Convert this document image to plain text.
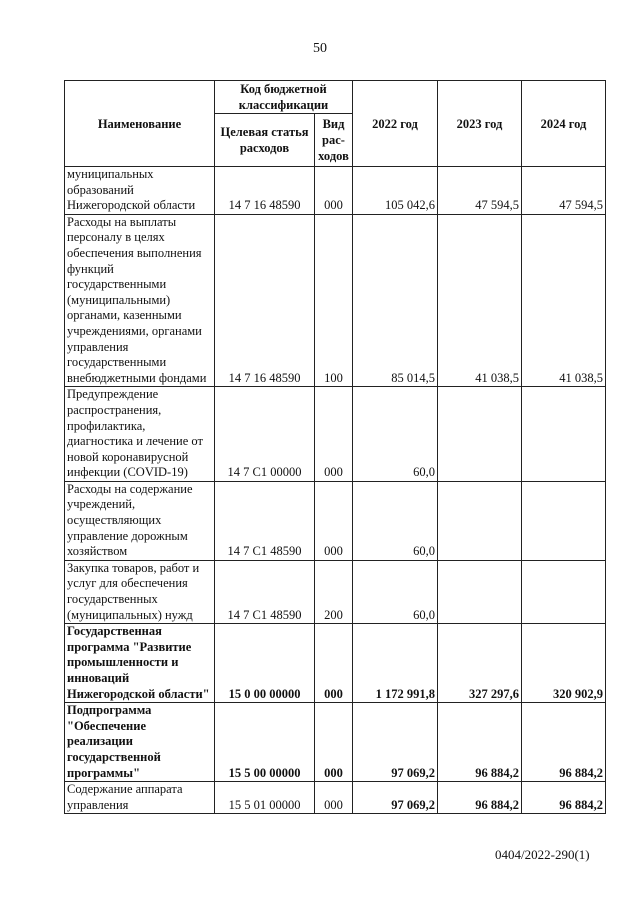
50
Наименование	Код бюджетной классификации		2022 год	2023 год	2024 год
	Целевая статья расходов	Вид рас-ходов			
муниципальных образований Нижегородской области	14 7 16 48590	000	105 042,6	47 594,5	47 594,5
Расходы на выплаты персоналу в целях обеспечения выполнения функций государственными (муниципальными) органами, казенными учреждениями, органами управления государственными внебюджетными фондами	14 7 16 48590	100	85 014,5	41 038,5	41 038,5
Предупреждение распространения, профилактика, диагностика и лечение от новой коронавирусной инфекции (COVID-19)	14 7 C1 00000	000	60,0		
Расходы на содержание учреждений, осуществляющих управление дорожным хозяйством	14 7 C1 48590	000	60,0		
Закупка товаров, работ и услуг для обеспечения государственных (муниципальных) нужд	14 7 C1 48590	200	60,0		
Государственная программа "Развитие промышленности и инноваций Нижегородской области"	15 0 00 00000	000	1 172 991,8	327 297,6	320 902,9
Подпрограмма "Обеспечение реализации государственной программы"	15 5 00 00000	000	97 069,2	96 884,2	96 884,2
Содержание аппарата управления	15 5 01 00000	000	97 069,2	96 884,2	96 884,2
0404/2022-290(1)
